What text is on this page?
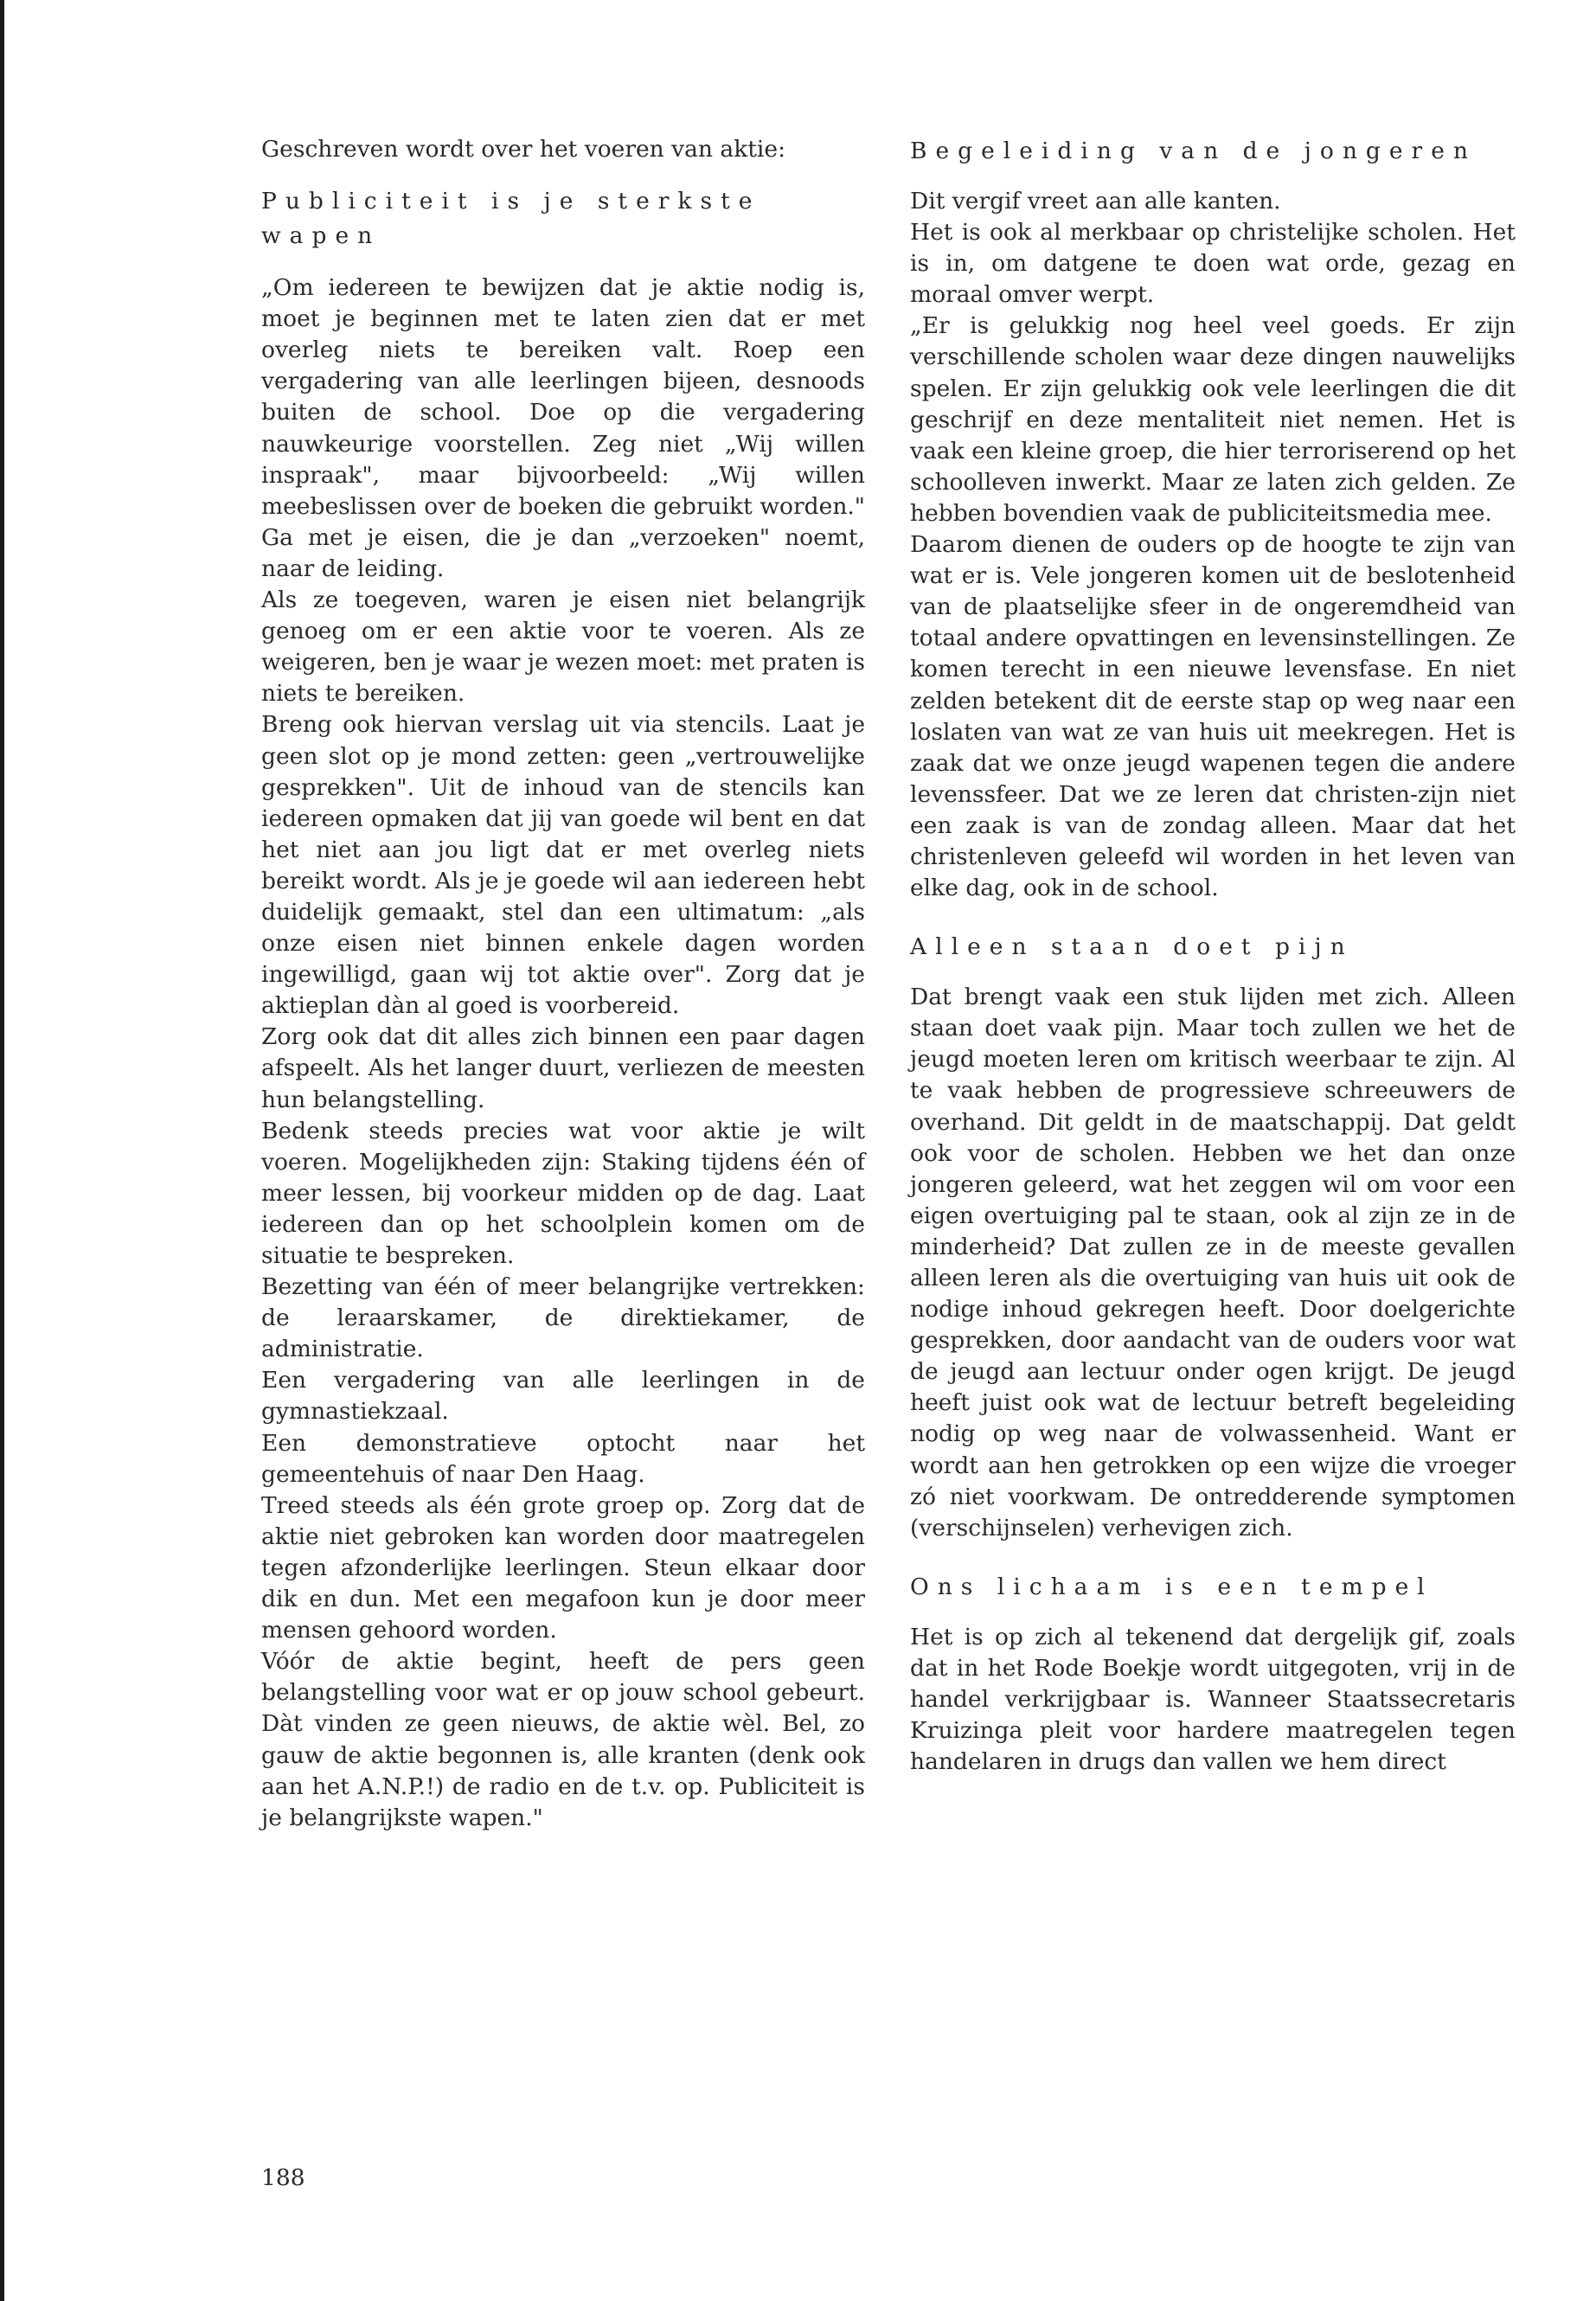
Geschreven wordt over het voeren van aktie:

Publiciteit is je sterkste wapen

„Om iedereen te bewijzen dat je aktie nodig is, moet je beginnen met te laten zien dat er met overleg niets te bereiken valt. Roep een vergadering van alle leerlingen bijeen, desnoods buiten de school. Doe op die vergadering nauwkeurige voorstellen. Zeg niet „Wij willen inspraak", maar bijvoorbeeld: „Wij willen meebeslissen over de boeken die gebruikt worden." Ga met je eisen, die je dan „verzoeken" noemt, naar de leiding.

Als ze toegeven, waren je eisen niet belangrijk genoeg om er een aktie voor te voeren. Als ze weigeren, ben je waar je wezen moet: met praten is niets te bereiken.

Breng ook hiervan verslag uit via stencils. Laat je geen slot op je mond zetten: geen „vertrouwelijke gesprekken". Uit de inhoud van de stencils kan iedereen opmaken dat jij van goede wil bent en dat het niet aan jou ligt dat er met overleg niets bereikt wordt. Als je je goede wil aan iedereen hebt duidelijk gemaakt, stel dan een ultimatum: „als onze eisen niet binnen enkele dagen worden ingewilligd, gaan wij tot aktie over". Zorg dat je aktieplan dàn al goed is voorbereid.

Zorg ook dat dit alles zich binnen een paar dagen afspeelt. Als het langer duurt, verliezen de meesten hun belangstelling.

Bedenk steeds precies wat voor aktie je wilt voeren. Mogelijkheden zijn: Staking tijdens één of meer lessen, bij voorkeur midden op de dag. Laat iedereen dan op het schoolplein komen om de situatie te bespreken.

Bezetting van één of meer belangrijke vertrekken: de leraarskamer, de direktiekamer, de administratie.

Een vergadering van alle leerlingen in de gymnastiekzaal.

Een demonstratieve optocht naar het gemeentehuis of naar Den Haag.

Treed steeds als één grote groep op. Zorg dat de aktie niet gebroken kan worden door maatregelen tegen afzonderlijke leerlingen. Steun elkaar door dik en dun. Met een megafoon kun je door meer mensen gehoord worden.

Vóór de aktie begint, heeft de pers geen belangstelling voor wat er op jouw school gebeurt. Dàt vinden ze geen nieuws, de aktie wèl. Bel, zo gauw de aktie begonnen is, alle kranten (denk ook aan het A.N.P.!) de radio en de t.v. op. Publiciteit is je belangrijkste wapen."

Begeleiding van de jongeren

Dit vergif vreet aan alle kanten.

Het is ook al merkbaar op christelijke scholen. Het is in, om datgene te doen wat orde, gezag en moraal omver werpt.

„Er is gelukkig nog heel veel goeds. Er zijn verschillende scholen waar deze dingen nauwelijks spelen. Er zijn gelukkig ook vele leerlingen die dit geschrijf en deze mentaliteit niet nemen. Het is vaak een kleine groep, die hier terroriserend op het schoolleven inwerkt. Maar ze laten zich gelden. Ze hebben bovendien vaak de publiciteitsmedia mee.

Daarom dienen de ouders op de hoogte te zijn van wat er is. Vele jongeren komen uit de beslotenheid van de plaatselijke sfeer in de ongeremdheid van totaal andere opvattingen en levensinstellingen. Ze komen terecht in een nieuwe levensfase. En niet zelden betekent dit de eerste stap op weg naar een loslaten van wat ze van huis uit meekregen. Het is zaak dat we onze jeugd wapenen tegen die andere levenssfeer. Dat we ze leren dat christen-zijn niet een zaak is van de zondag alleen. Maar dat het christenleven geleefd wil worden in het leven van elke dag, ook in de school.

Alleen staan doet pijn

Dat brengt vaak een stuk lijden met zich. Alleen staan doet vaak pijn. Maar toch zullen we het de jeugd moeten leren om kritisch weerbaar te zijn. Al te vaak hebben de progressieve schreeuwers de overhand. Dit geldt in de maatschappij. Dat geldt ook voor de scholen. Hebben we het dan onze jongeren geleerd, wat het zeggen wil om voor een eigen overtuiging pal te staan, ook al zijn ze in de minderheid? Dat zullen ze in de meeste gevallen alleen leren als die overtuiging van huis uit ook de nodige inhoud gekregen heeft. Door doelgerichte gesprekken, door aandacht van de ouders voor wat de jeugd aan lectuur onder ogen krijgt. De jeugd heeft juist ook wat de lectuur betreft begeleiding nodig op weg naar de volwassenheid. Want er wordt aan hen getrokken op een wijze die vroeger zó niet voorkwam. De ontredderende symptomen (verschijnselen) verhevigen zich.

Ons lichaam is een tempel

Het is op zich al tekenend dat dergelijk gif, zoals dat in het Rode Boekje wordt uitgegoten, vrij in de handel verkrijgbaar is. Wanneer Staatssecretaris Kruizinga pleit voor hardere maatregelen tegen handelaren in drugs dan vallen we hem direct

188
